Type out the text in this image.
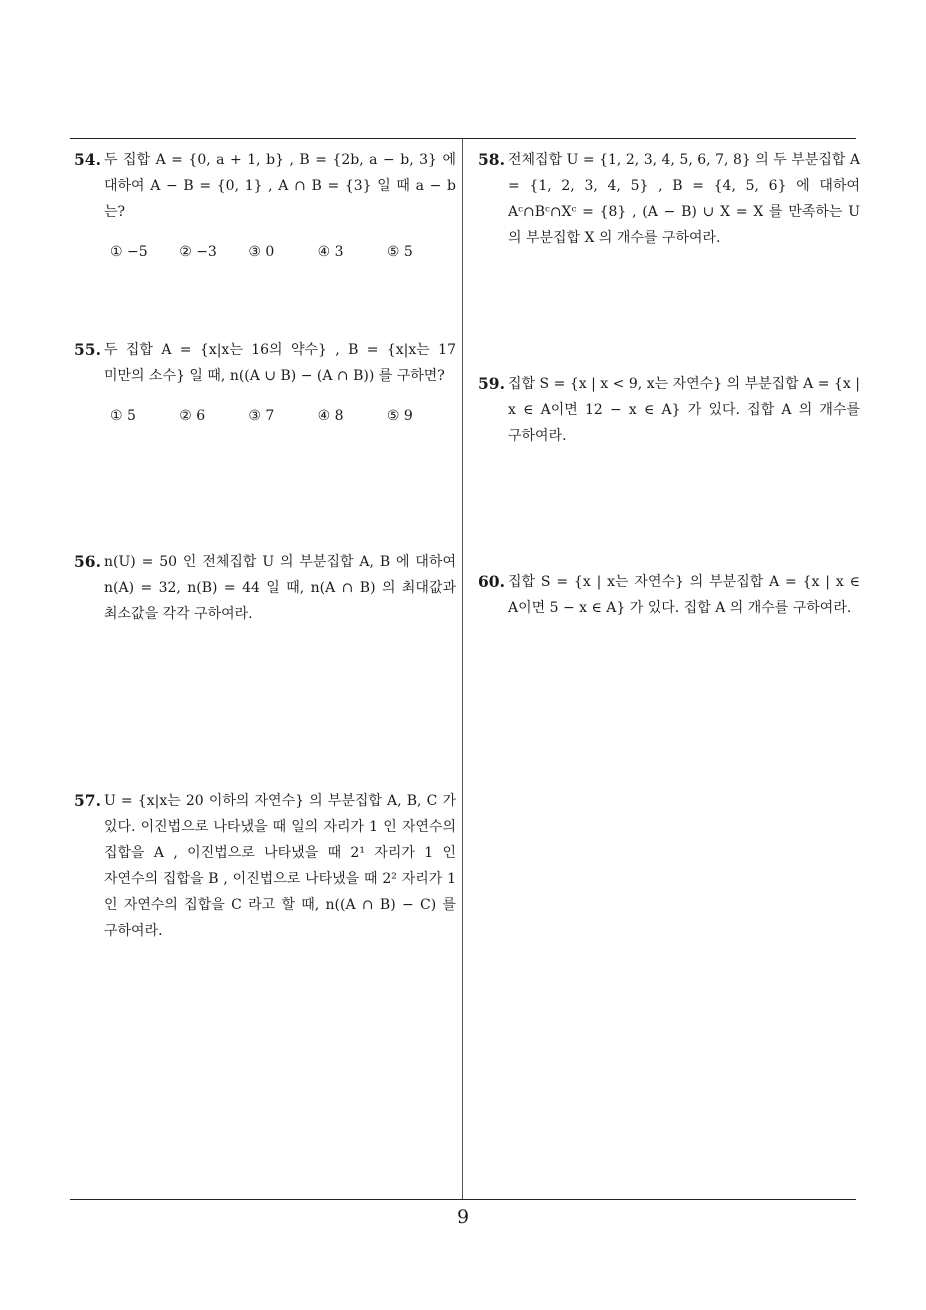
54. 두 집합 A = {0, a + 1, b} , B = {2b, a − b, 3} 에 대하여 A − B = {0, 1} , A ∩ B = {3} 일 때 a − b 는?
① −5	② −3	③ 0	④ 3	⑤ 5
55. 두 집합 A = {x|x는 16의 약수} , B = {x|x는 17 미만의 소수} 일 때, n((A ∪ B) − (A ∩ B)) 를 구하면?
① 5	② 6	③ 7	④ 8	⑤ 9
56. n(U) = 50 인 전체집합 U 의 부분집합 A, B 에 대하여 n(A) = 32, n(B) = 44 일 때, n(A ∩ B) 의 최대값과 최소값을 각각 구하여라.
57. U = {x|x는 20 이하의 자연수} 의 부분집합 A, B, C 가 있다. 이진법으로 나타냈을 때 일의 자리가 1 인 자연수의 집합을 A , 이진법으로 나타냈을 때 2¹ 자리가 1 인 자연수의 집합을 B , 이진법으로 나타냈을 때 2² 자리가 1 인 자연수의 집합을 C 라고 할 때, n((A ∩ B) − C) 를 구하여라.
58. 전체집합 U = {1, 2, 3, 4, 5, 6, 7, 8} 의 두 부분집합 A = {1, 2, 3, 4, 5} , B = {4, 5, 6} 에 대하여 Aᶜ∩Bᶜ∩Xᶜ = {8} , (A − B) ∪ X = X 를 만족하는 U 의 부분집합 X 의 개수를 구하여라.
59. 집합 S = {x | x < 9, x는 자연수} 의 부분집합 A = {x | x ∈ A이면 12 − x ∈ A} 가 있다. 집합 A 의 개수를 구하여라.
60. 집합 S = {x | x는 자연수} 의 부분집합 A = {x | x ∈ A이면 5 − x ∈ A} 가 있다. 집합 A 의 개수를 구하여라.
9
